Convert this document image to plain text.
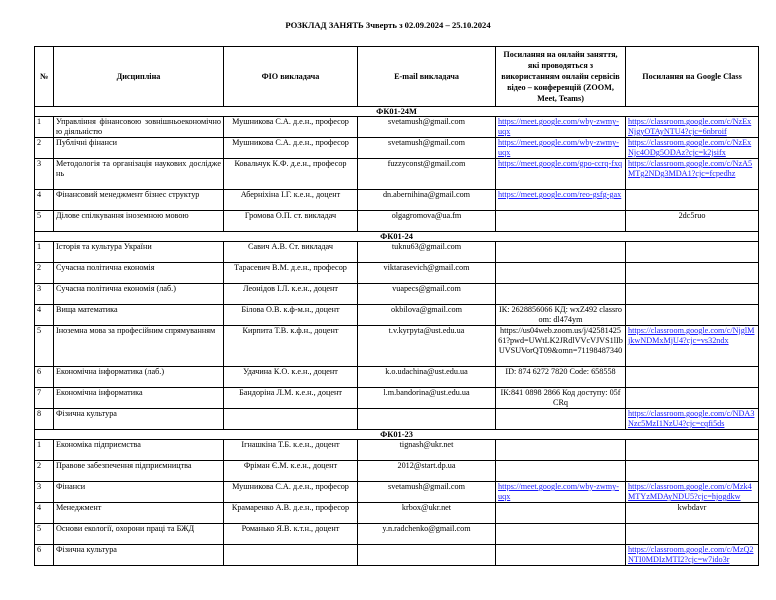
РОЗКЛАД ЗАНЯТЬ 3чверть з 02.09.2024 – 25.10.2024
№	Дисципліна	ФІО викладача	E-mail викладача	Посилання на онлайн заняття, які проводяться з використанням онлайн сервісів відео – конференцій (ZOOM, Meet, Teams)	Посилання на Google Class
ФК01-24М					
1	Управління фінансовою зовнішньоекономічною діяльністю	Мушникова С.А. д.е.н., професор	svetamush@gmail.com	https://meet.google.com/wby-zwmy-uqx	https://classroom.google.com/c/NzExNjgyOTAyNTU4?cjc=6nbroif
2	Публічні фінанси	Мушникова С.А. д.е.н., професор	svetamush@gmail.com	https://meet.google.com/wby-zwmy-uqx	https://classroom.google.com/c/NzExNjc4ODg5ODAz?cjc=k2jsifx
3	Методологія та організація наукових досліджень	Ковальчук К.Ф. д.е.н., професор	fuzzyconst@gmail.com	https://meet.google.com/gpo-ccrq-fxq	https://classroom.google.com/c/NzA5MTg2NDg3MDA1?cjc=fcpedhz
4	Фінансовий менеджмент бізнес структур	Аберніхіна І.Г. к.е.н., доцент	dn.abernihina@gmail.com	https://meet.google.com/reo-gsfg-gax	
5	Ділове спілкування іноземною мовою	Громова О.П. ст. викладач	olgagromova@ua.fm		2dc5ruo
ФК01-24					
1	Історія та культура України	Савич А.В. Ст. викладач	tuknu63@gmail.com		
2	Сучасна політична економія	Тарасевич В.М. д.е.н., професор	viktarasevich@gmail.com		
3	Сучасна політична економія (лаб.)	Леонідов І.Л. к.е.н., доцент	vuapecs@gmail.com		
4	Вища математика	Білова О.В. к.ф-м.н., доцент	okbilova@gmail.com	ІК: 2628856066 КД: wxZ492 classroom: dl474ym	
5	Іноземна мова за професійним спрямуванням	Кирпита Т.В. к.ф.н., доцент	t.v.kyrpyta@ust.edu.ua	https://us04web.zoom.us/j/4258142561?pwd=UWtLK2JRdlVVcVJVS1lIbUVSUVorQT09&omn=71198487340	https://classroom.google.com/c/NjglMjkwNDMxMjU4?cjc=vs32ndx
6	Економічна інформатика (лаб.)	Удачина К.О. к.е.н., доцент	k.o.udachina@ust.edu.ua	ID: 874 6272 7820 Code: 658558	
7	Економічна інформатика	Бандоріна Л.М. к.е.н., доцент	l.m.bandorina@ust.edu.ua	ІК:841 0898 2866 Код доступу: 05fCRq	
8	Фізична культура				https://classroom.google.com/c/NDA3Nzc5MzI1NzU4?cjc=cqfi5ds
ФК01-23					
1	Економіка підприємства	Ігнашкіна Т.Б. к.е.н., доцент	tignash@ukr.net		
2	Правове забезпечення підприємництва	Фріман Є.М. к.е.н., доцент	2012@start.dp.ua		
3	Фінанси	Мушникова С.А. д.е.н., професор	svetamush@gmail.com	https://meet.google.com/wby-zwmy-uqx	https://classroom.google.com/c/Mzk4MTYzMDAyNDU5?cjc=hjogdkw
4	Менеджмент	Крамаренко А.В. д.е.н., професор	krbox@ukr.net		kwbdavr
5	Основи екології, охорони праці та БЖД	Романько Я.В. к.т.н., доцент	y.n.radchenko@gmail.com		
6	Фізична культура				https://classroom.google.com/c/MzQ2NTI0MDIzMTI2?cjc=w7ido3r
